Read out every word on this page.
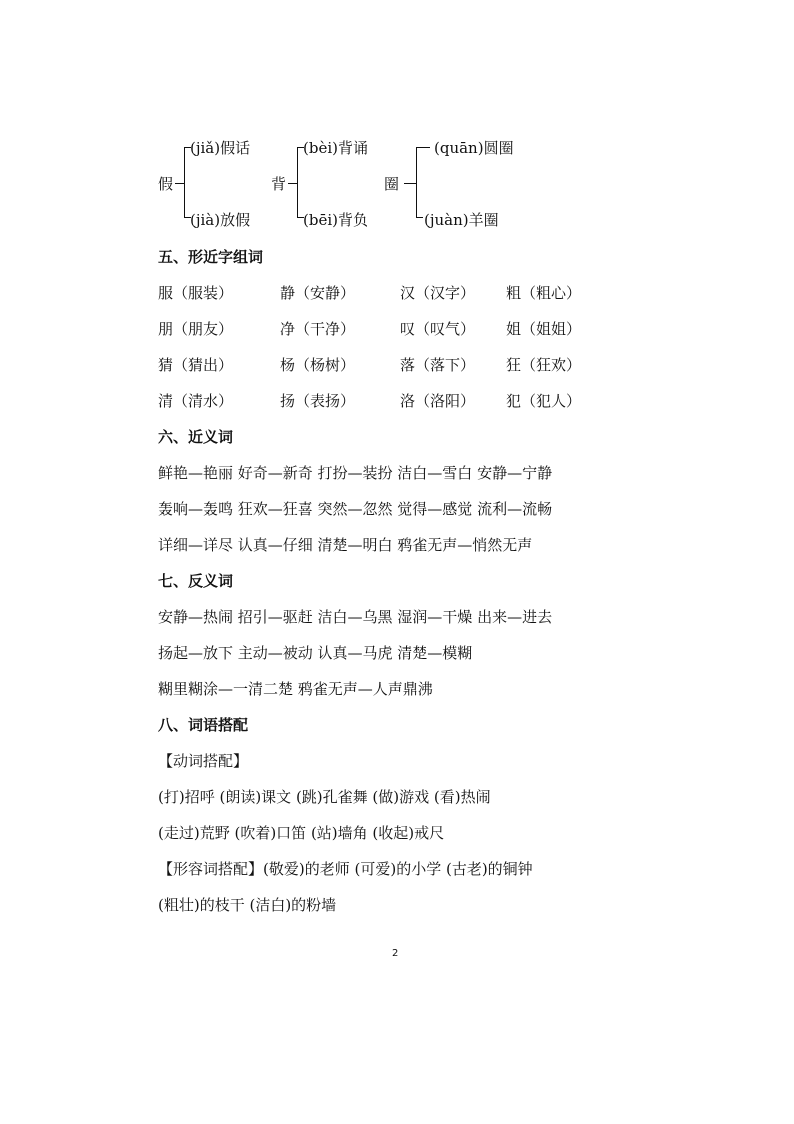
假
(jiǎ)假话
(jià)放假
背
(bèi)背诵
(bēi)背负
圈
(quān)圆圈
(juàn)羊圈
五、形近字组词
服（服装）	静（安静）	汉（汉字） 粗（粗心）
朋（朋友）	净（干净）	叹（叹气） 姐（姐姐）
猜（猜出）	杨（杨树）	落（落下） 狂（狂欢）
清（清水）	扬（表扬）	洛（洛阳） 犯（犯人）
六、近义词
鲜艳—艳丽 好奇—新奇 打扮—装扮 洁白—雪白 安静—宁静
轰响—轰鸣 狂欢—狂喜 突然—忽然 觉得—感觉 流利—流畅
详细—详尽 认真—仔细 清楚—明白 鸦雀无声—悄然无声
七、反义词
安静—热闹 招引—驱赶 洁白—乌黑 湿润—干燥 出来—进去
扬起—放下 主动—被动 认真—马虎 清楚—模糊
糊里糊涂—一清二楚 鸦雀无声—人声鼎沸
八、词语搭配
【动词搭配】
(打)招呼 (朗读)课文 (跳)孔雀舞 (做)游戏 (看)热闹
(走过)荒野 (吹着)口笛 (站)墙角 (收起)戒尺
【形容词搭配】(敬爱)的老师 (可爱)的小学 (古老)的铜钟
(粗壮)的枝干 (洁白)的粉墙
2
